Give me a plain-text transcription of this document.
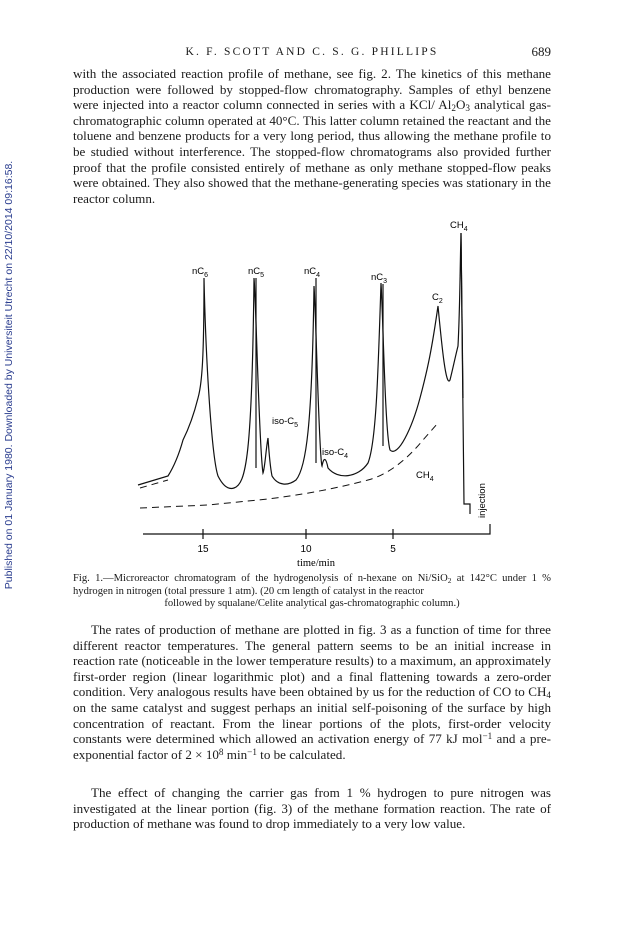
Published on 01 January 1980. Downloaded by Universiteit Utrecht on 22/10/2014 09:16:58.
K. F. SCOTT AND C. S. G. PHILLIPS	689

with the associated reaction profile of methane, see fig. 2. The kinetics of this methane production were followed by stopped-flow chromatography. Samples of ethyl benzene were injected into a reactor column connected in series with a KCl/ $Al_2O_3$ analytical gas-chromatographic column operated at 40°C. This latter column retained the reactant and the toluene and benzene products for a very long period, thus allowing the methane profile to be studied without interference. The stopped-flow chromatograms also provided further proof that the profile consisted entirely of methane as only methane stopped-flow peaks were obtained. They also showed that the methane-generating species was stationary in the reactor column.

$nC_6$	$nC_5$
iso-$C_5$
$nC_4$
iso-$C_4$
$nC_3$
$C_2$
$CH_4$
$CH_4$
injection
15	10	5
time/min
Fig. 1.—Microreactor chromatogram of the hydrogenolysis of n-hexane on Ni/SiO$_2$ at 142°C under 1 % hydrogen in nitrogen (total pressure 1 atm). (20 cm length of catalyst in the reactor
followed by squalane/Celite analytical gas-chromatographic column.)

The rates of production of methane are plotted in fig. 3 as a function of time for three different reactor temperatures. The general pattern seems to be an initial increase in reaction rate (noticeable in the lower temperature results) to a maximum, an approximately first-order region (linear logarithmic plot) and a final flattening towards a zero-order condition. Very analogous results have been obtained by us for the reduction of CO to $CH_4$ on the same catalyst and suggest perhaps an initial self-poisoning of the surface by high concentration of reactant. From the linear portions of the plots, first-order velocity constants were determined which allowed an activation energy of 77 kJ mol$^{-1}$ and a pre-exponential factor of $2 \times 10^8$ $\min^{-1}$ to be calculated.

The effect of changing the carrier gas from 1 % hydrogen to pure nitrogen was investigated at the linear portion (fig. 3) of the methane formation reaction. The rate of production of methane was found to drop immediately to a very low value.
